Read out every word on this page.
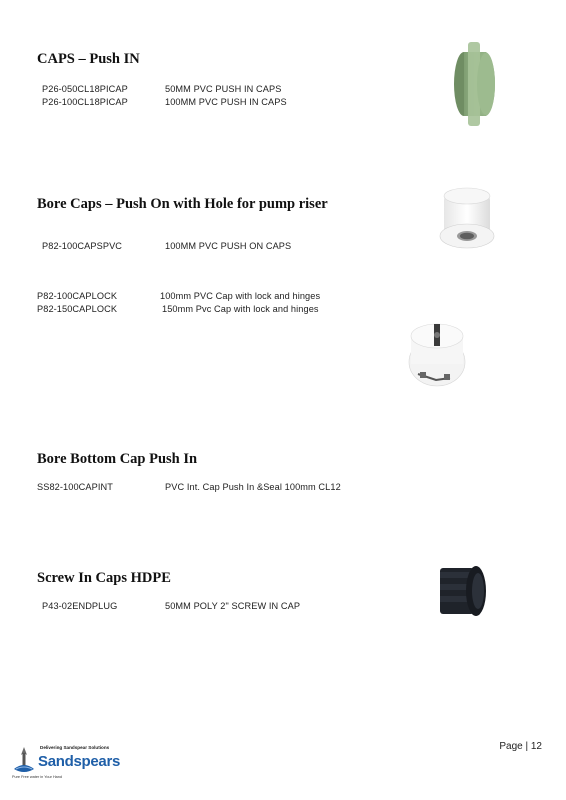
CAPS – Push IN
P26-050CL18PICAP	50MM PVC PUSH IN CAPS
P26-100CL18PICAP	100MM PVC PUSH IN CAPS
Bore Caps – Push On with Hole for pump riser
P82-100CAPSPVC	100MM PVC PUSH ON CAPS
P82-100CAPLOCK	100mm PVC Cap with lock and hinges
P82-150CAPLOCK	150mm Pvc Cap with lock and hinges
Bore Bottom Cap Push In
SS82-100CAPINT	PVC Int. Cap Push In &Seal 100mm CL12
Screw In Caps HDPE
P43-02ENDPLUG	50MM POLY 2" SCREW IN CAP
Page | 12
Delivering Sandspear Solutions
Sandspears
Pure Free water in Your Hand
